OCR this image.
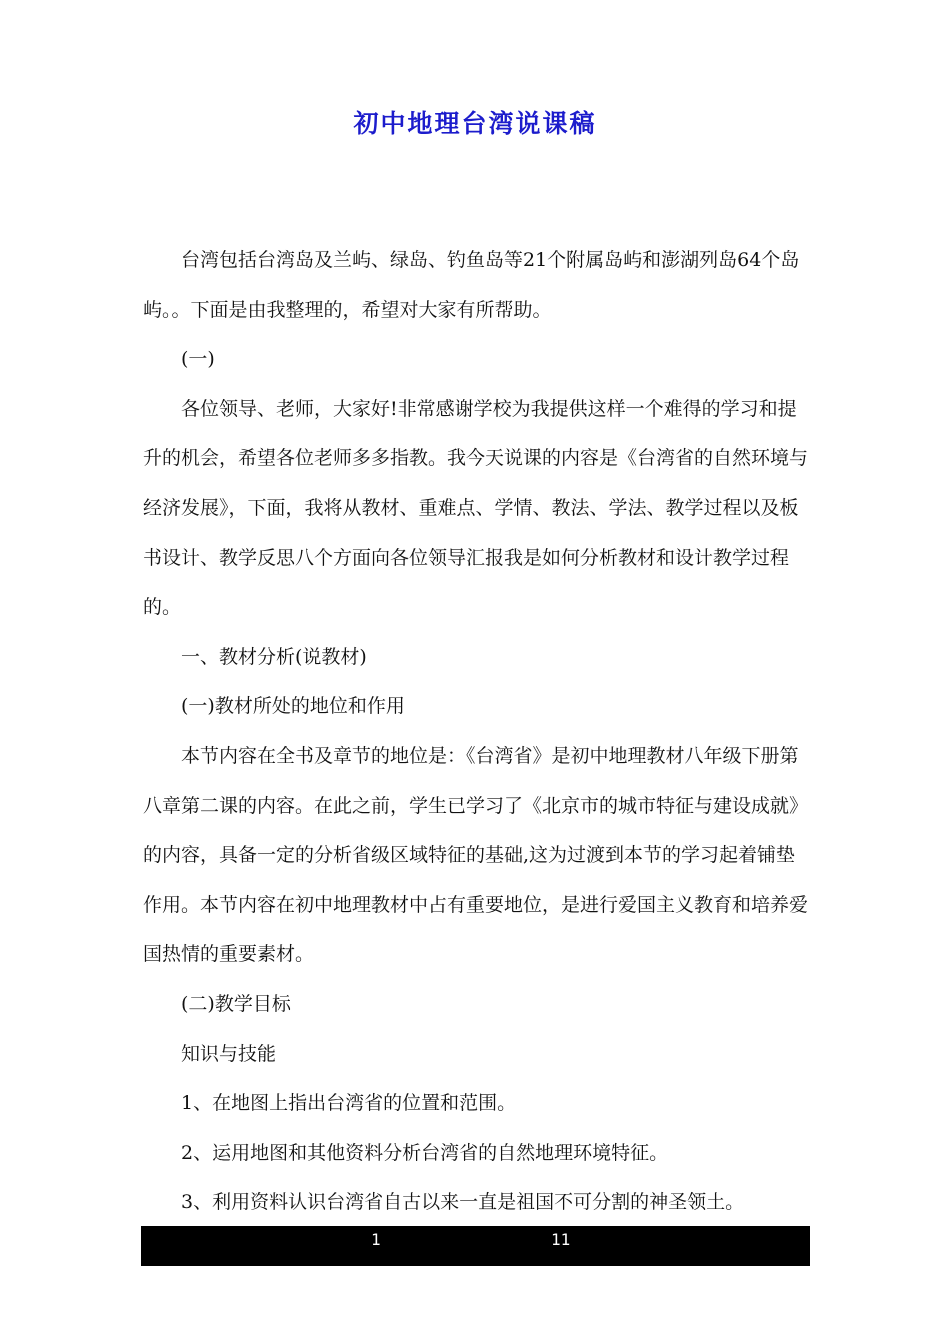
初中地理台湾说课稿

台湾包括台湾岛及兰屿、绿岛、钓鱼岛等21个附属岛屿和澎湖列岛64个岛屿。。下面是由我整理的，希望对大家有所帮助。

(一)

各位领导、老师，大家好!非常感谢学校为我提供这样一个难得的学习和提升的机会，希望各位老师多多指教。我今天说课的内容是《台湾省的自然环境与经济发展》，下面，我将从教材、重难点、学情、教法、学法、教学过程以及板书设计、教学反思八个方面向各位领导汇报我是如何分析教材和设计教学过程的。

一、教材分析(说教材)

(一)教材所处的地位和作用

本节内容在全书及章节的地位是：《台湾省》是初中地理教材八年级下册第八章第二课的内容。在此之前，学生已学习了《北京市的城市特征与建设成就》的内容，具备一定的分析省级区域特征的基础,这为过渡到本节的学习起着铺垫作用。本节内容在初中地理教材中占有重要地位，是进行爱国主义教育和培养爱国热情的重要素材。

(二)教学目标

知识与技能

1、在地图上指出台湾省的位置和范围。

2、运用地图和其他资料分析台湾省的自然地理环境特征。

3、利用资料认识台湾省自古以来一直是祖国不可分割的神圣领土。

1	11
